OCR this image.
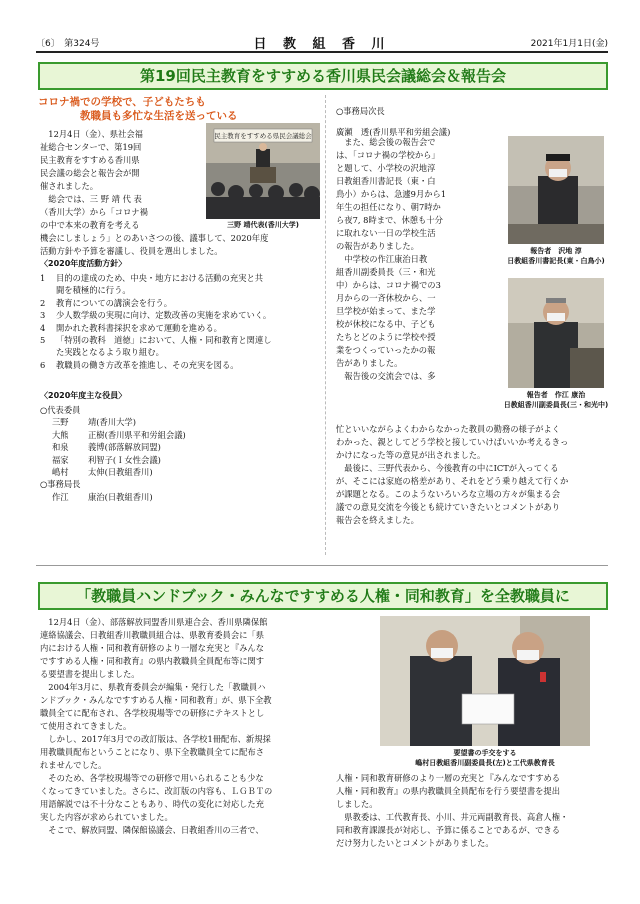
〔6〕　 第324号	日 教 組 香 川	2021年1月1日(金)
第19回民主教育をすすめる香川県民会議総会＆報告会
コロナ禍での学校で、子どもたちも
教職員も多忙な生活を送っている

12月4日（金）、県社会福

祉総合センターで、第19回

民主教育をすすめる香川県

民会議の総会と報告会が開

催されました。

総会では、三 野 靖 代 表

（香川大学）から「コロナ禍

の中で本来の教育を考える

機会にしましょう」とのあいさつの後、議事して、2020年度

活動方針や予算を審議し、役員を選出しました。

民主教育をすすめる県民会議総会
三野 靖代表(香川大学)
〈2020年度活動方針〉
1 目的の達成のため、中央・地方における活動の充実と共
闘を積極的に行う。
2 教育についての講演会を行う。
3 少人数学級の実現に向け、定数改善の実施を求めていく。
4 開かれた教科書採択を求めて運動を進める。
5 「特別の教科　道徳」において、人権・同和教育と関連し
た実践となるよう取り組む。
6 教職員の働き方改革を推進し、その充実を図る。
〈2020年度主な役員〉
○代表委員
三野 靖(香川大学)
大熊 正樹(香川県平和労組会議)
和泉 義博(部落解放同盟)
福家 利智子(Ｉ女性会議)
嶋村 太伸(日教組香川)
○事務局長
作江 康治(日教組香川)

○事務局次長

廣瀬　透(香川県平和労組会議)

また、総会後の報告会で

は、「コロナ禍の学校から」

と題して、小学校の沢地淳

日教組香川書記長（東・白

鳥小）からは、急遽9月から1

年生の担任になり、朝7時か

ら夜7, 8時まで、休憩も十分

に取れない一日の学校生活

の報告がありました。

中学校の作江康治日教

組香川副委員長（三・和光

中）からは、コロナ禍での3

月からの一斉休校から、一

旦学校が始まって、また学

校が休校になる中、子ども

たちとどのように学校や授

業をつくっていったかの報

告がありました。

報告後の交流会では、多

報告者　沢地 淳
日教組香川書記長(東・白鳥小)
報告者　作江 康治
日教組香川副委員長(三・和光中)

忙といいながらよくわからなかった教員の勤務の様子がよく

わかった、親としてどう学校と接していけばいいか考えるきっ

かけになった等の意見が出されました。

最後に、三野代表から、今後教育の中にICTが入ってくる

が、そこには家庭の格差があり、それをどう乗り越えて行くか

が課題となる。このようないろいろな立場の方々が集まる会

議での意見交流を今後とも続けていきたいとコメントがあり

報告会を終えました。

「教職員ハンドブック・みんなですすめる人権・同和教育」を全教職員に

12月4日（金）、部落解放同盟香川県連合会、香川県隣保館

連絡協議会、日教組香川教職員組合は、県教育委員会に「県

内における人権・同和教育研修のより一層な充実と『みんな

ですすめる人権・同和教育』の県内教職員全員配布等に関す

る要望書を提出しました。

2004年3月に、県教育委員会が編集・発行した「教職員ハ

ンドブック・みんなですすめる人権・同和教育」が、県下全教

職員全てに配布され、各学校現場等での研修にテキストとし

て使用されてきました。

しかし、2017年3月での改訂版は、各学校1冊配布、新規採

用教職員配布ということになり、県下全教職員全てに配布さ

れませんでした。

そのため、各学校現場等での研修で用いられることも少な

くなってきていました。さらに、改訂版の内容も、ＬＧＢＴの

用語解説では不十分なこともあり、時代の変化に対応した充

実した内容が求められていました。

そこで、解放同盟、隣保館協議会、日教組香川の三者で、

要望書の手交をする
嶋村日教組香川副委員長(左)と工代県教育長

人権・同和教育研修のより一層の充実と『みんなですすめる

人権・同和教育』の県内教職員全員配布を行う要望書を提出

しました。

県教委は、工代教育長、小川、井元両副教育長、高倉人権・

同和教育課課長が対応し、予算に係ることであるが、できる

だけ努力したいとコメントがありました。
